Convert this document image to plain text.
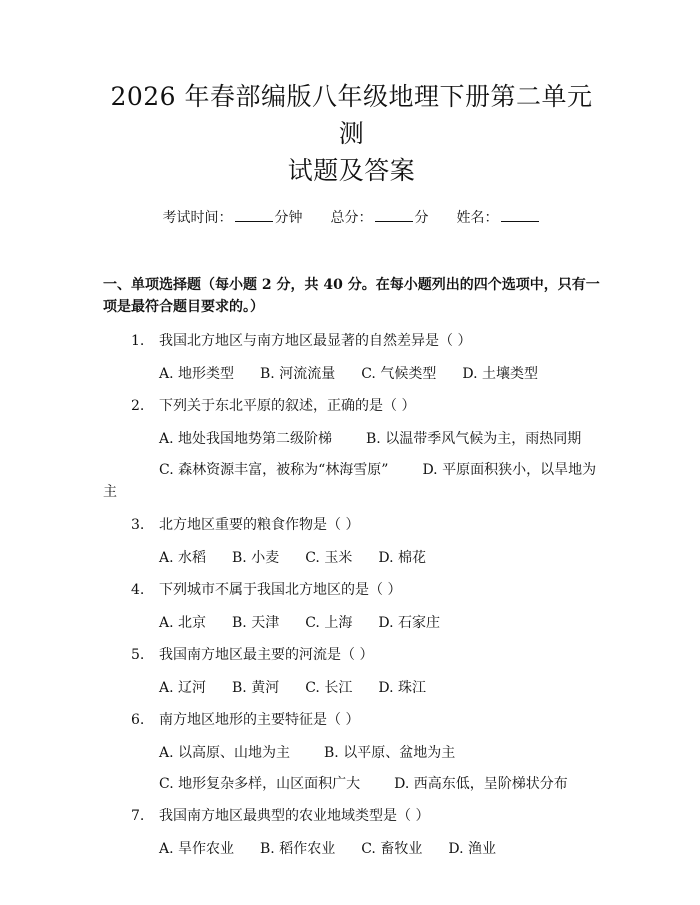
2026 年春部编版八年级地理下册第二单元测
试题及答案
考试时间：	分钟 总分：	分 姓名：
一、单项选择题（每小题 2 分，共 40 分。在每小题列出的四个选项中，只有一项是最符合题目要求的。）
1.	我国北方地区与南方地区最显著的自然差异是（ ）
A. 地形类型 B. 河流流量 C. 气候类型 D. 土壤类型
2.	下列关于东北平原的叙述，正确的是（ ）
A. 地处我国地势第二级阶梯 B. 以温带季风气候为主，雨热同期
C. 森林资源丰富，被称为“林海雪原” D. 平原面积狭小，以旱地为主
3.	北方地区重要的粮食作物是（ ）
A. 水稻 B. 小麦 C. 玉米 D. 棉花
4.	下列城市不属于我国北方地区的是（ ）
A. 北京 B. 天津 C. 上海 D. 石家庄
5.	我国南方地区最主要的河流是（ ）
A. 辽河 B. 黄河 C. 长江 D. 珠江
6.	南方地区地形的主要特征是（ ）
A. 以高原、山地为主 B. 以平原、盆地为主
C. 地形复杂多样，山区面积广大 D. 西高东低，呈阶梯状分布
7.	我国南方地区最典型的农业地域类型是（ ）
A. 旱作农业 B. 稻作农业 C. 畜牧业 D. 渔业
